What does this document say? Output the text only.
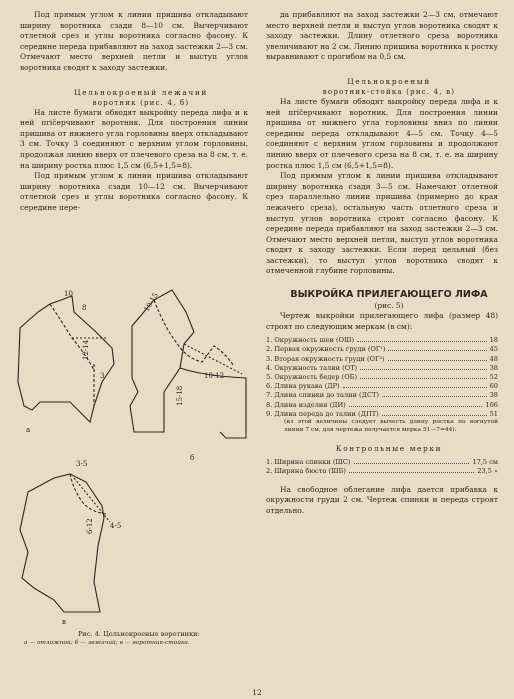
Под прямым углом к линии пришива откладывают ширину воротника сзади 8—10 см. Вычерчивают отлетной срез и углы воротника согласно фасону. К середине переда прибавляют на заход застежки 2—3 см. Отмечают место верхней петли и выступ углов воротника сводят к заходу застежки.

Цельнокроеный лежачий

воротник (рис. 4, б)

На листе бумаги обводят выкройку переда лифа и к ней пričерчивают воротник. Для построения линии пришива от нижнего угла горловины вверх откладывают 3 см. Точку 3 соединяют с верхним углом горловины, продолжая линию вверх от плечевого среза на 8 см, т. е. на ширину ростка плюс 1,5 см (6,5+1,5=8).

Под прямым углом к линии пришива откладывают ширину воротника сзади 10—12 см. Вычерчивают отлетной срез и углы воротника согласно фасону. К середине пере-

а
б
в
10
8
3
12-14
10-15
15-18
10-12
3-5
4-5
6-12
Рис. 4. Цельнокроеные воротники:
а — отложной; б — лежачий; в — воротник-стойка.

да прибавляют на заход застежки 2—3 см, отмечают место верхней петли и выступ углов воротника сводят к заходу застежки. Длину отлетного среза воротника увеличивают на 2 см. Линию пришива воротника к ростку выравнивают с прогибом на 0,5 см.

Цельнокроеный

воротник-стойка (рис. 4, в)

На листе бумаги обводят выкройку переда лифа и к ней пričерчивают воротник. Для построения линии пришива от нижнего угла горловины вниз по линии середины переда откладывают 4—5 см. Точку 4—5 соединяют с верхним углом горловины и продолжают линию вверх от плечевого среза на 8 см, т. е. на ширину ростка плюс 1,5 см (6,5+1,5=8).

Под прямым углом к линии пришива откладывают ширину воротника сзади 3—5 см. Намечают отлетной срез параллельно линии пришива (примерно до края лежачего среза), остальную часть отлетного среза и выступ углов воротника строят согласно фасону. К середине переда прибавляют на заход застежки 2—3 см. Отмечают место верхней петли, выступ углов воротника сводят к заходу застежки. Если перед цельный (без застежки), то выступ углов воротника сводят к отмеченной глубине горловины.

ВЫКРОЙКА ПРИЛЕГАЮЩЕГО ЛИФА

(рис. 5)

Чертеж выкройки прилегающего лифа (размер 48) строят по следующим меркам (в см):

1. Окружность шеи (ОШ)	18
2. Первая окружность груди (ОГ¹)	45
3. Вторая окружность груди (ОГ²)	48
4. Окружность талии (ОТ)	38
5. Окружность бедер (ОБ)	52
6. Длина рукава (ДР)	60
7. Длина спинки до талии (ДСТ)	38
8. Длина изделия (ДИ)	106
9. Длина переда до талии (ДПТ)	51
(из этой величины следует вычесть длину ростка по вогнутой линии 7 см, для чертежа получается мерка 51—7=44).

Контрольные мерки

1. Ширина спинки (ШС)	17,5 см
2. Ширина бюста (ШБ)	23,5 »

На свободное облегание лифа дается прибавка к окружности груди 2 см. Чертеж спинки и переда строят отдельно.

12
